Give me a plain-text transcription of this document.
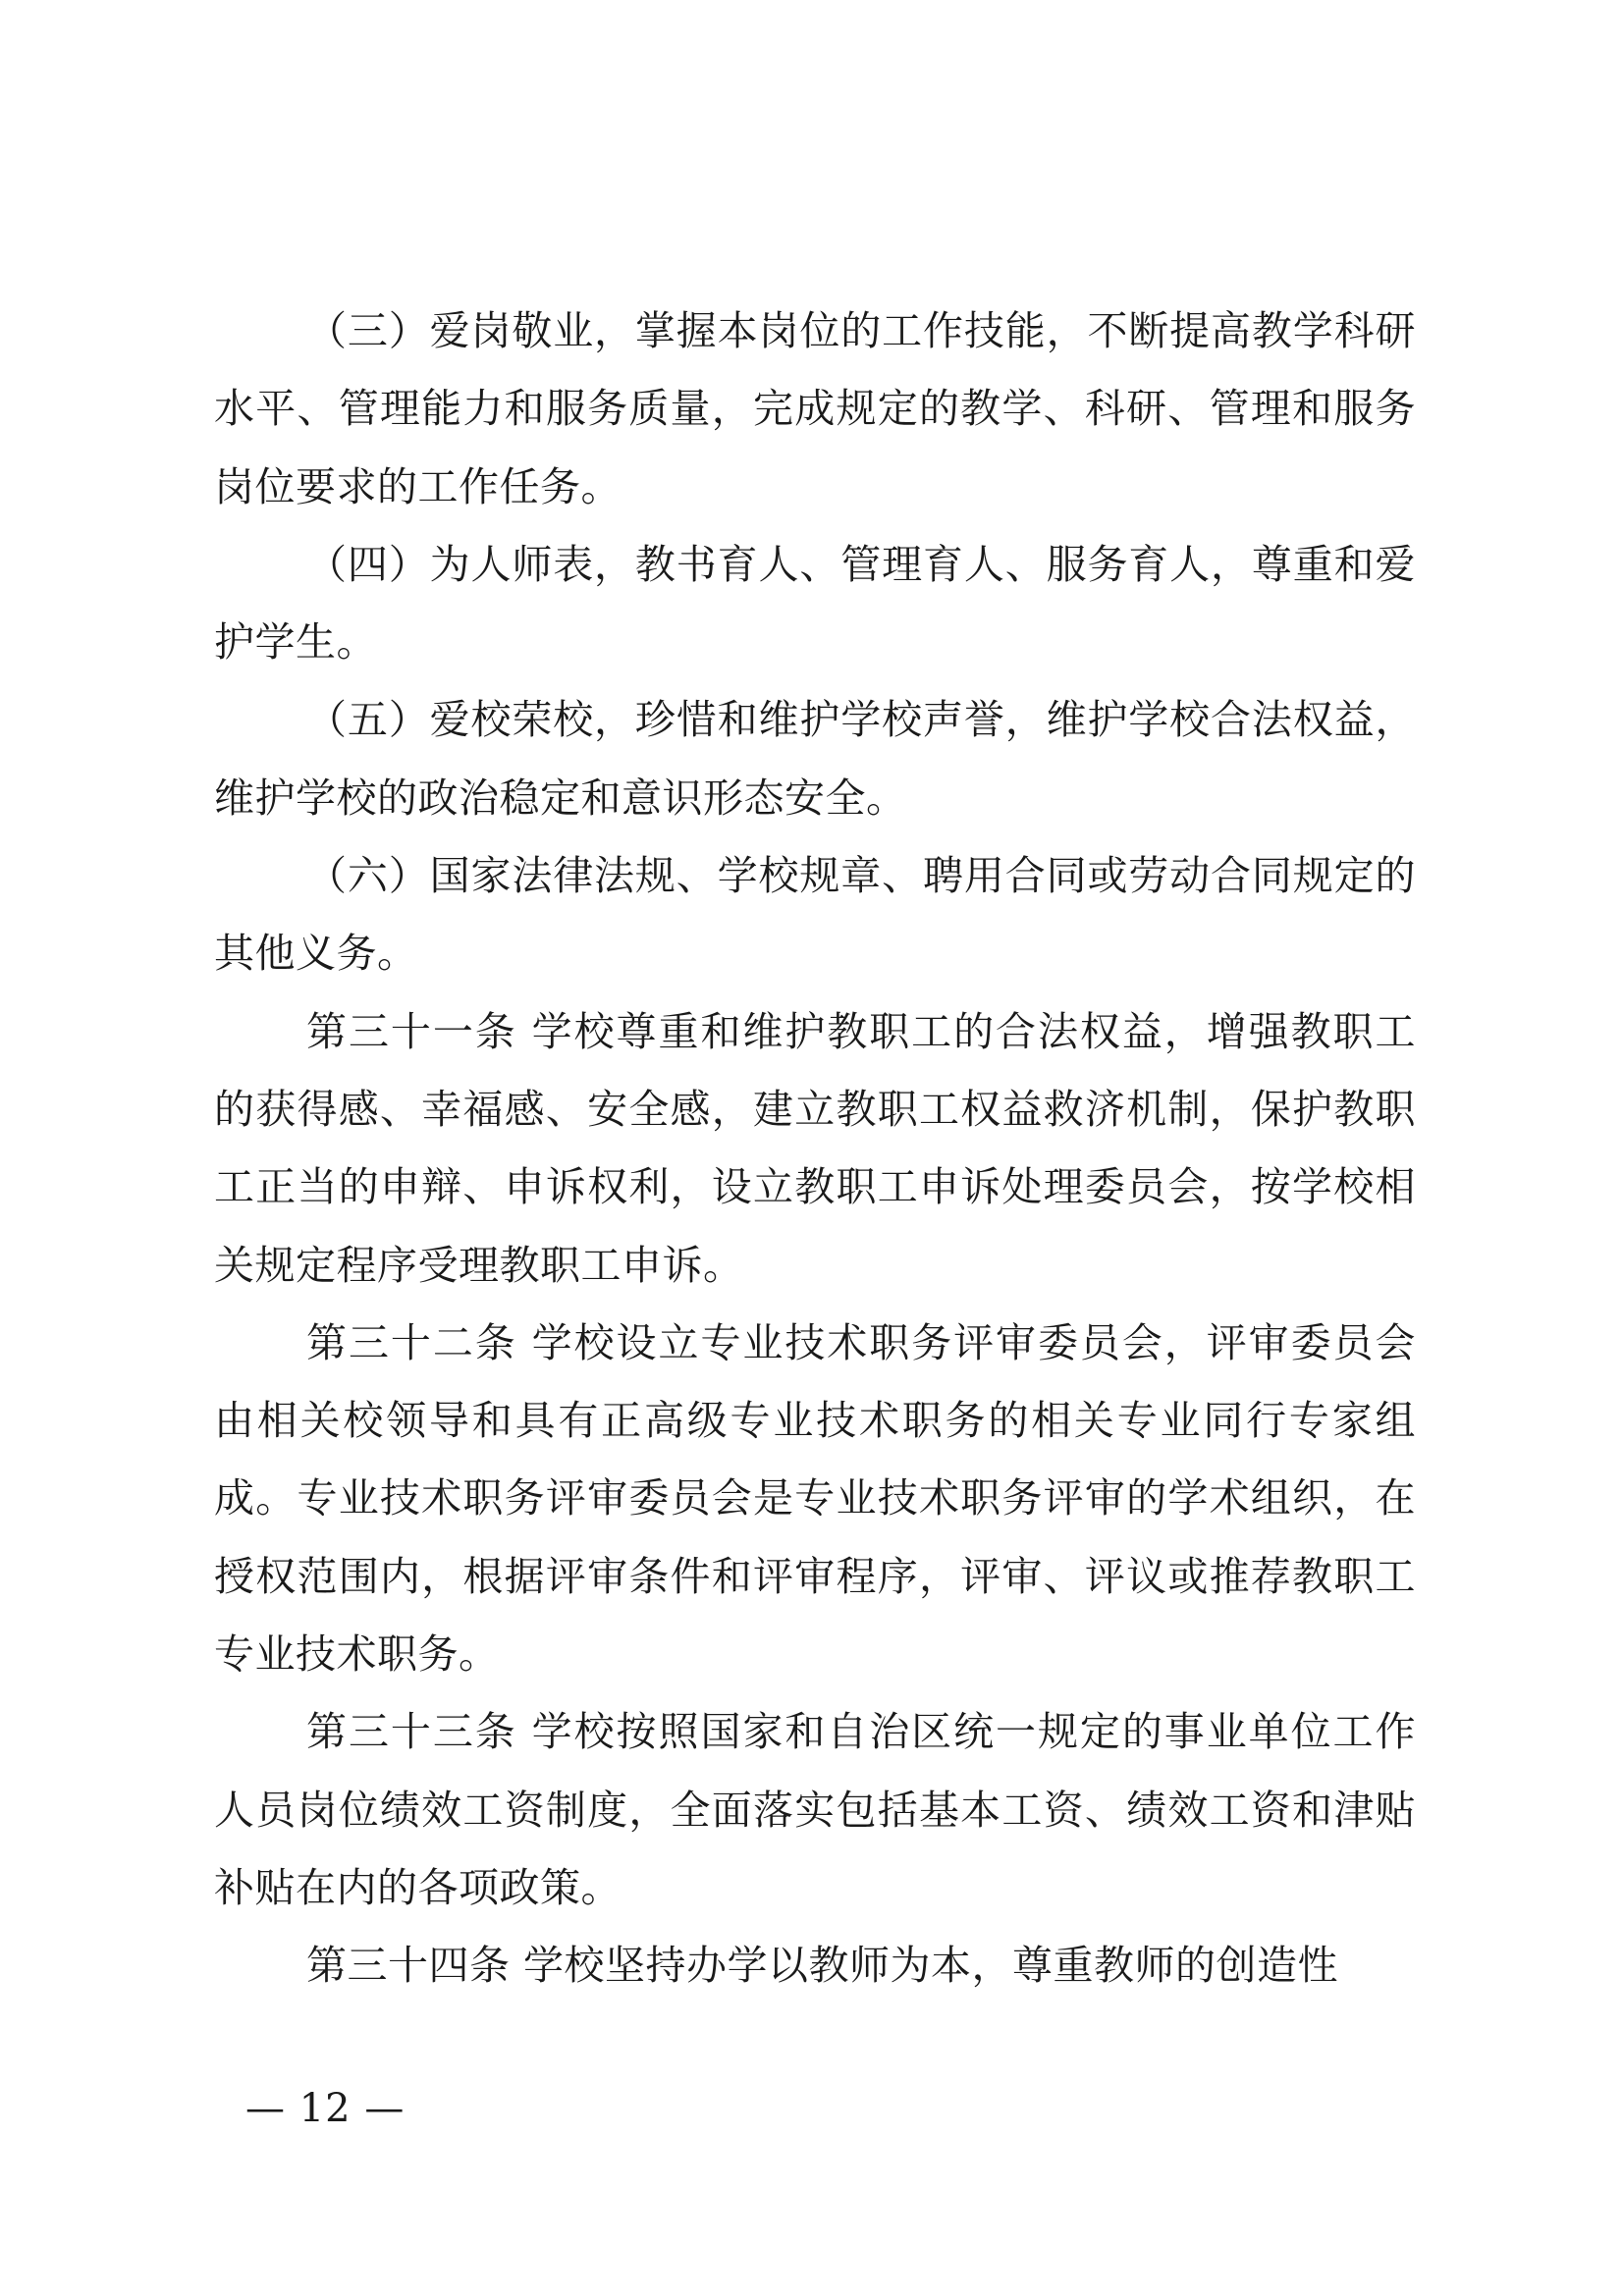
（三）爱岗敬业，掌握本岗位的工作技能，不断提高教学科研水平、管理能力和服务质量，完成规定的教学、科研、管理和服务岗位要求的工作任务。

（四）为人师表，教书育人、管理育人、服务育人，尊重和爱护学生。

（五）爱校荣校，珍惜和维护学校声誉，维护学校合法权益，维护学校的政治稳定和意识形态安全。

（六）国家法律法规、学校规章、聘用合同或劳动合同规定的其他义务。

第三十一条 学校尊重和维护教职工的合法权益，增强教职工的获得感、幸福感、安全感，建立教职工权益救济机制，保护教职工正当的申辩、申诉权利，设立教职工申诉处理委员会，按学校相关规定程序受理教职工申诉。

第三十二条 学校设立专业技术职务评审委员会，评审委员会由相关校领导和具有正高级专业技术职务的相关专业同行专家组成。专业技术职务评审委员会是专业技术职务评审的学术组织，在授权范围内，根据评审条件和评审程序，评审、评议或推荐教职工专业技术职务。

第三十三条 学校按照国家和自治区统一规定的事业单位工作人员岗位绩效工资制度，全面落实包括基本工资、绩效工资和津贴补贴在内的各项政策。

第三十四条 学校坚持办学以教师为本，尊重教师的创造性

— 12 —
